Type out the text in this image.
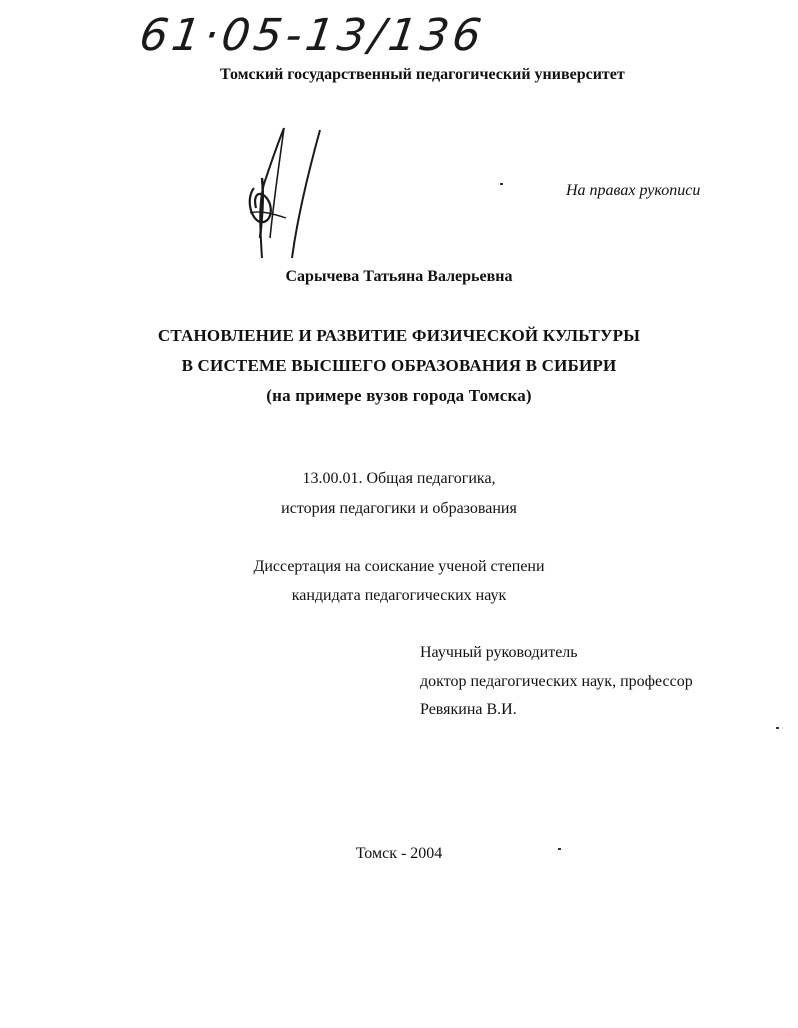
61·05-13/136
Томский государственный педагогический университет
На правах рукописи
Сарычева Татьяна Валерьевна
СТАНОВЛЕНИЕ И РАЗВИТИЕ ФИЗИЧЕСКОЙ КУЛЬТУРЫ
В СИСТЕМЕ ВЫСШЕГО ОБРАЗОВАНИЯ В СИБИРИ
(на примере вузов города Томска)
13.00.01. Общая педагогика,
история педагогики и образования
Диссертация на соискание ученой степени
кандидата педагогических наук
Научный руководитель
доктор педагогических наук, профессор
Ревякина В.И.
Томск - 2004
